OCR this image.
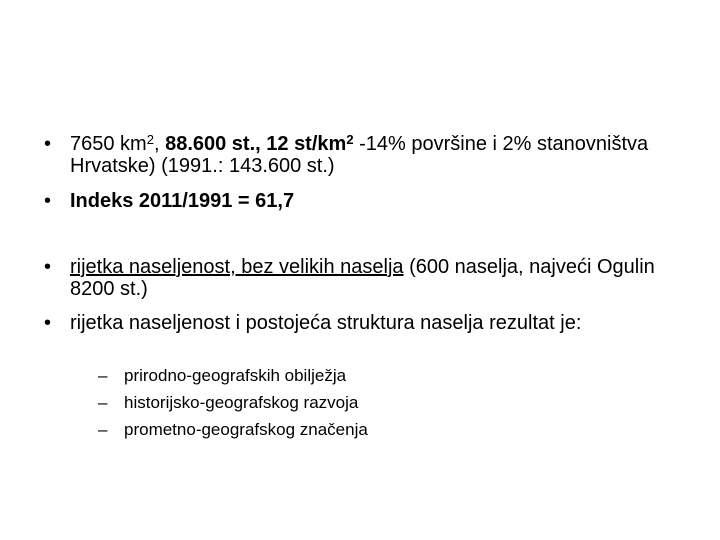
• 7650 $km^2$, 88.600 st., 12 $st/km^2$ -14% površine i 2% stanovništva Hrvatske) (1991.: 143.600 st.)
• Indeks 2011/1991 = 61,7
• rijetka naseljenost, bez velikih naselja (600 naselja, najveći Ogulin 8200 st.)
• rijetka naseljenost i postojeća struktura naselja rezultat je:
– prirodno-geografskih obilježja
– historijsko-geografskog razvoja
– prometno-geografskog značenja
